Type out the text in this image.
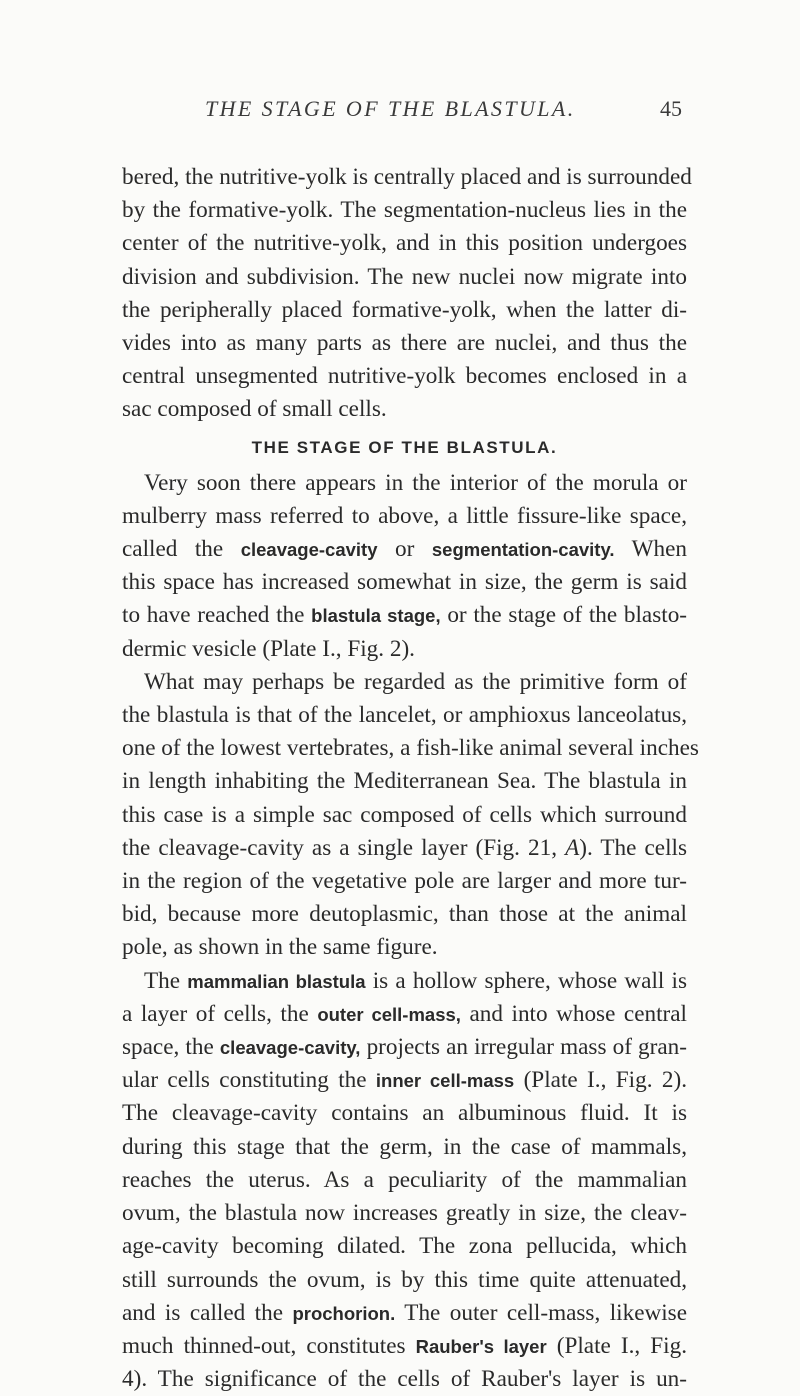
THE STAGE OF THE BLASTULA.	45
bered, the nutritive-yolk is centrally placed and is surrounded
by the formative-yolk. The segmentation-nucleus lies in the
center of the nutritive-yolk, and in this position undergoes
division and subdivision. The new nuclei now migrate into
the peripherally placed formative-yolk, when the latter di-
vides into as many parts as there are nuclei, and thus the
central unsegmented nutritive-yolk becomes enclosed in a
sac composed of small cells.
THE STAGE OF THE BLASTULA.
Very soon there appears in the interior of the morula or
mulberry mass referred to above, a little fissure-like space,
called the cleavage-cavity or segmentation-cavity. When
this space has increased somewhat in size, the germ is said
to have reached the blastula stage, or the stage of the blasto-
dermic vesicle (Plate I., Fig. 2).
What may perhaps be regarded as the primitive form of
the blastula is that of the lancelet, or amphioxus lanceolatus,
one of the lowest vertebrates, a fish-like animal several inches
in length inhabiting the Mediterranean Sea. The blastula in
this case is a simple sac composed of cells which surround
the cleavage-cavity as a single layer (Fig. 21, A). The cells
in the region of the vegetative pole are larger and more tur-
bid, because more deutoplasmic, than those at the animal
pole, as shown in the same figure.
The mammalian blastula is a hollow sphere, whose wall is
a layer of cells, the outer cell-mass, and into whose central
space, the cleavage-cavity, projects an irregular mass of gran-
ular cells constituting the inner cell-mass (Plate I., Fig. 2).
The cleavage-cavity contains an albuminous fluid. It is
during this stage that the germ, in the case of mammals,
reaches the uterus. As a peculiarity of the mammalian
ovum, the blastula now increases greatly in size, the cleav-
age-cavity becoming dilated. The zona pellucida, which
still surrounds the ovum, is by this time quite attenuated,
and is called the prochorion. The outer cell-mass, likewise
much thinned-out, constitutes Rauber's layer (Plate I., Fig.
4). The significance of the cells of Rauber's layer is un-
